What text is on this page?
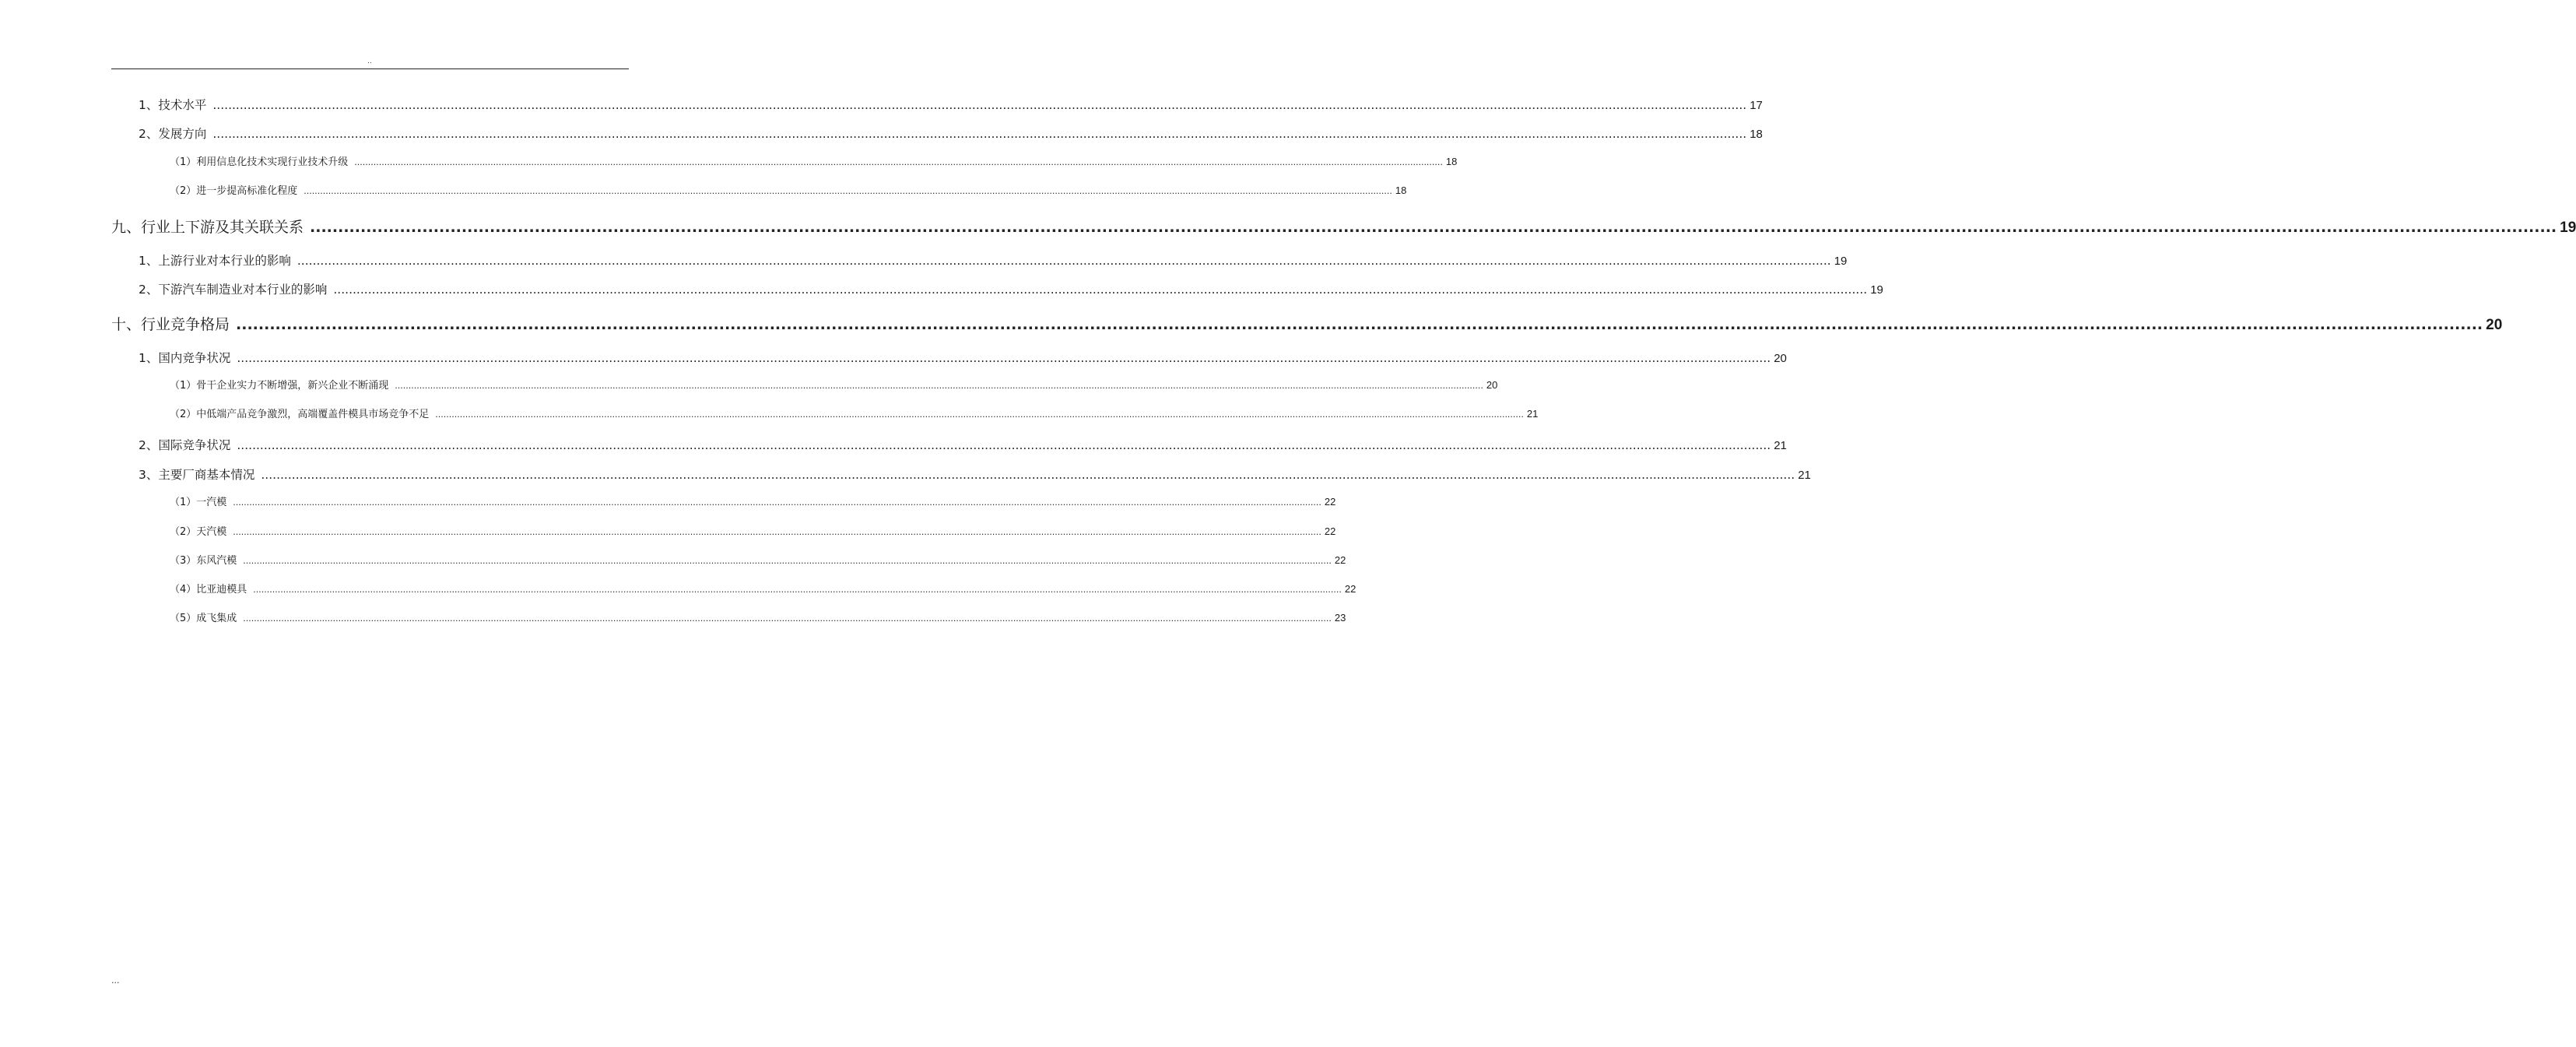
..
1、技术水平 ................................................................................................................................................................................................................................................................................................................................................................................................................ 17
2、发展方向 ................................................................................................................................................................................................................................................................................................................................................................................................................ 18
（1）利用信息化技术实现行业技术升级 ................................................................................................................................................................................................................................................................................................................................................................................................................ 18
（2）进一步提高标准化程度 ................................................................................................................................................................................................................................................................................................................................................................................................................ 18
九、行业上下游及其关联关系 ................................................................................................................................................................................................................................................................................................................................................................................................................ 19
1、上游行业对本行业的影响 ................................................................................................................................................................................................................................................................................................................................................................................................................ 19
2、下游汽车制造业对本行业的影响 ................................................................................................................................................................................................................................................................................................................................................................................................................ 19
十、行业竞争格局 ................................................................................................................................................................................................................................................................................................................................................................................................................ 20
1、国内竞争状况 ................................................................................................................................................................................................................................................................................................................................................................................................................ 20
（1）骨干企业实力不断增强，新兴企业不断涌现 ................................................................................................................................................................................................................................................................................................................................................................................................................ 20
（2）中低端产品竞争激烈，高端覆盖件模具市场竞争不足 ................................................................................................................................................................................................................................................................................................................................................................................................................ 21
2、国际竞争状况 ................................................................................................................................................................................................................................................................................................................................................................................................................ 21
3、主要厂商基本情况 ................................................................................................................................................................................................................................................................................................................................................................................................................ 21
（1）一汽模 ................................................................................................................................................................................................................................................................................................................................................................................................................ 22
（2）天汽模 ................................................................................................................................................................................................................................................................................................................................................................................................................ 22
（3）东风汽模 ................................................................................................................................................................................................................................................................................................................................................................................................................ 22
（4）比亚迪模具 ................................................................................................................................................................................................................................................................................................................................................................................................................ 22
（5）成飞集成 ................................................................................................................................................................................................................................................................................................................................................................................................................ 23
...
